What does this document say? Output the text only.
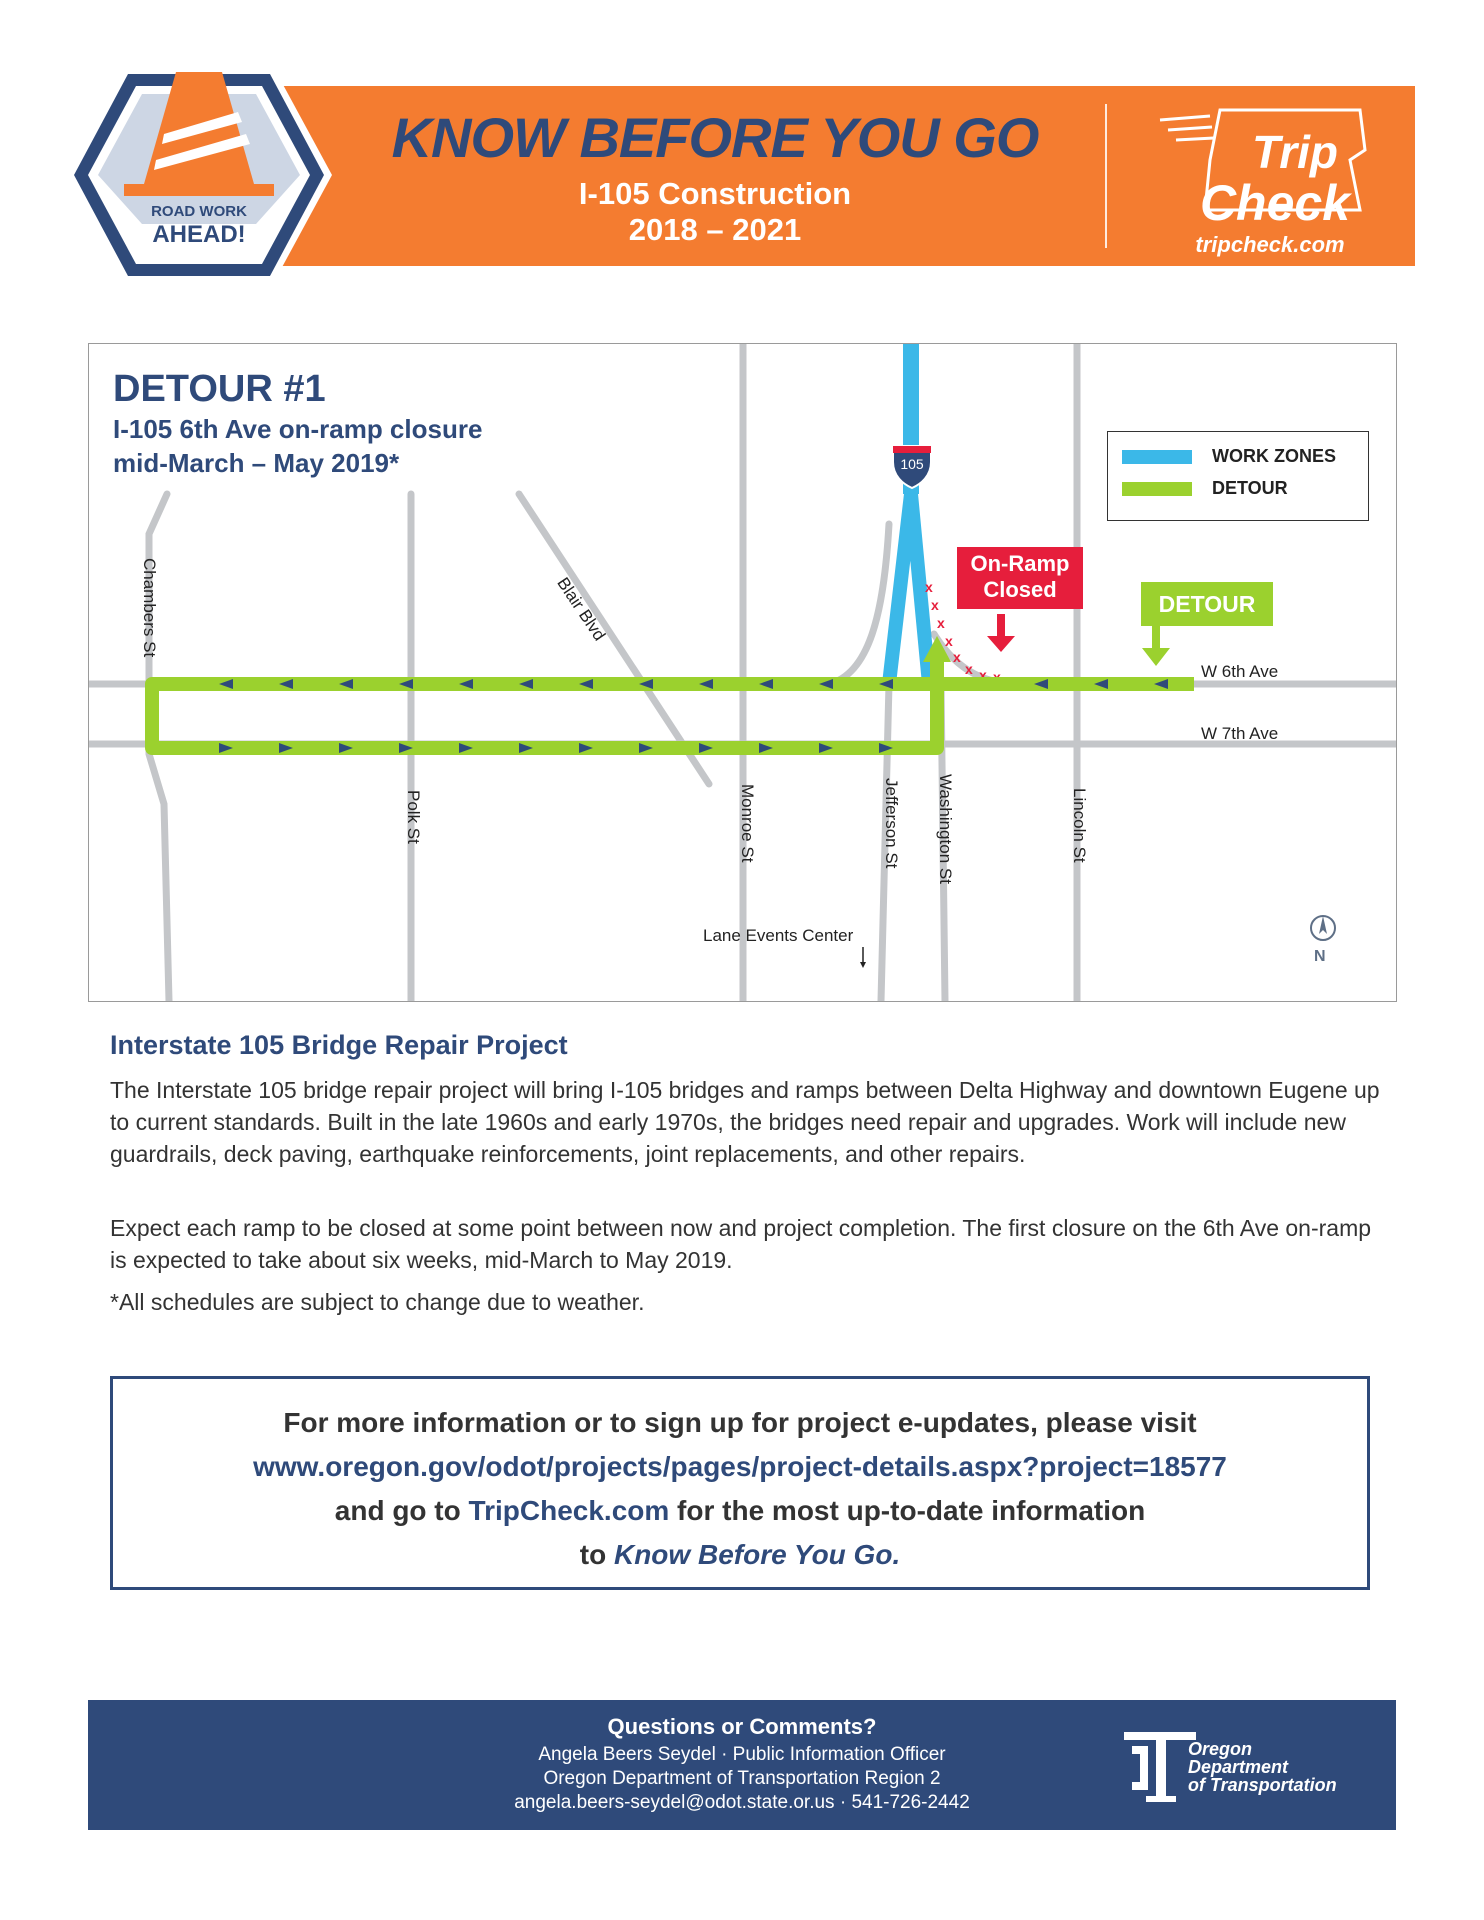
ROAD WORK
AHEAD!
KNOW BEFORE YOU GO
I-105 Construction
2018 – 2021
Trip
Check
tripcheck.com
x
x
x
x
x
x x x
105
DETOUR #1
I-105 6th Ave on-ramp closure
mid-March – May 2019*	WORK ZONES
DETOUR
On-Ramp
Closed
DETOUR
W 6th Ave
W 7th Ave
Chambers St	Blair Blvd
Polk St	Monroe St	Jefferson St Washington St	Lincoln St
Lane Events Center
N
Interstate 105 Bridge Repair Project

The Interstate 105 bridge repair project will bring I-105 bridges and ramps between Delta Highway and downtown Eugene up to current standards. Built in the late 1960s and early 1970s, the bridges need repair and upgrades. Work will include new guardrails, deck paving, earthquake reinforcements, joint replacements, and other repairs.

Expect each ramp to be closed at some point between now and project completion. The first closure on the 6th Ave on-ramp is expected to take about six weeks, mid-March to May 2019.

*All schedules are subject to change due to weather.

For more information or to sign up for project e-updates, please visit
www.oregon.gov/odot/projects/pages/project-details.aspx?project=18577
and go to TripCheck.com for the most up-to-date information
to Know Before You Go.
Questions or Comments?
Angela Beers Seydel · Public Information Officer
Oregon Department of Transportation Region 2
angela.beers-seydel@odot.state.or.us · 541-726-2442
Oregon
Department
of Transportation
